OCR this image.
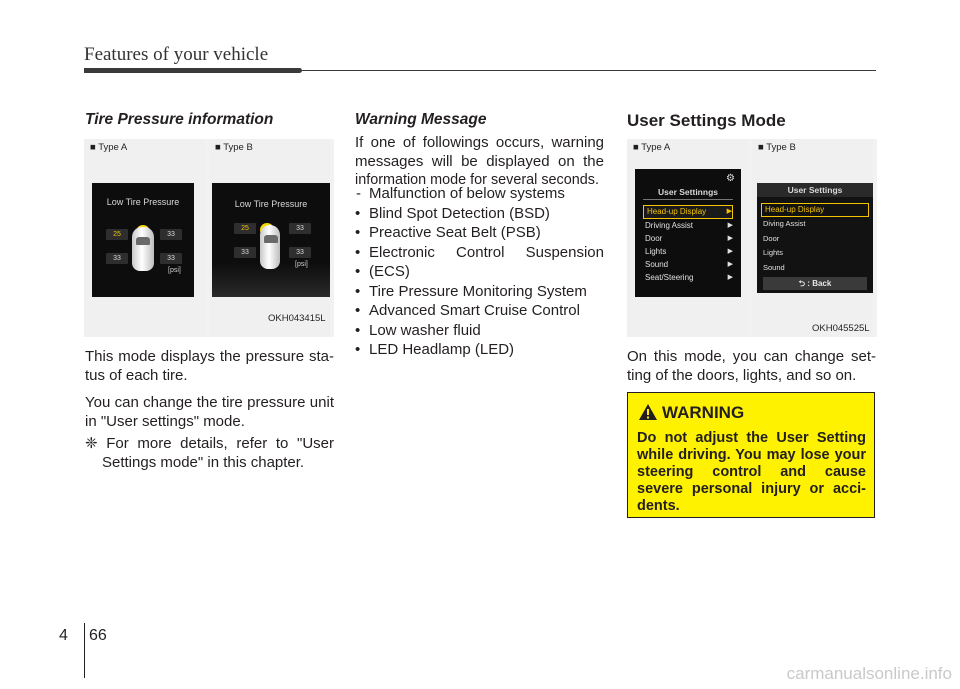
Features of your vehicle
Tire Pressure information
■ Type A	■ Type B
Low Tire Pressure
25	33
33	33
[psi]
Low Tire Pressure
25	33
33	33
[psi]
OKH043415L
This mode displays the pressure sta-
tus of each tire.
You can change the tire pressure unit
in "User settings" mode.
❈ For more details, refer to "User
Settings mode" in this chapter.
Warning Message
If one of followings occurs, warning
messages will be displayed on the
information mode for several seconds.
- Malfunction of below systems
• Blind Spot Detection (BSD)
• Preactive Seat Belt (PSB)
• Electronic Control Suspension
• (ECS)
• Tire Pressure Monitoring System
• Advanced Smart Cruise Control
• Low washer fluid
• LED Headlamp (LED)
User Settings Mode
■ Type A	■ Type B
⚙
User Settinngs
Head-up Display	▶
Driving Assist	▶
Door	▶
Lights	▶
Sound	▶
Seat/Steering	▶
User Settings
Head-up Display
Diving Assist
Door
Lights
Sound
⮌ : Back
OKH045525L
On this mode, you can change set-
ting of the doors, lights, and so on.
WARNING
Do not adjust the User Setting
while driving. You may lose your
steering control and cause
severe personal injury or acci-
dents.
4 66
carmanualsonline.info
